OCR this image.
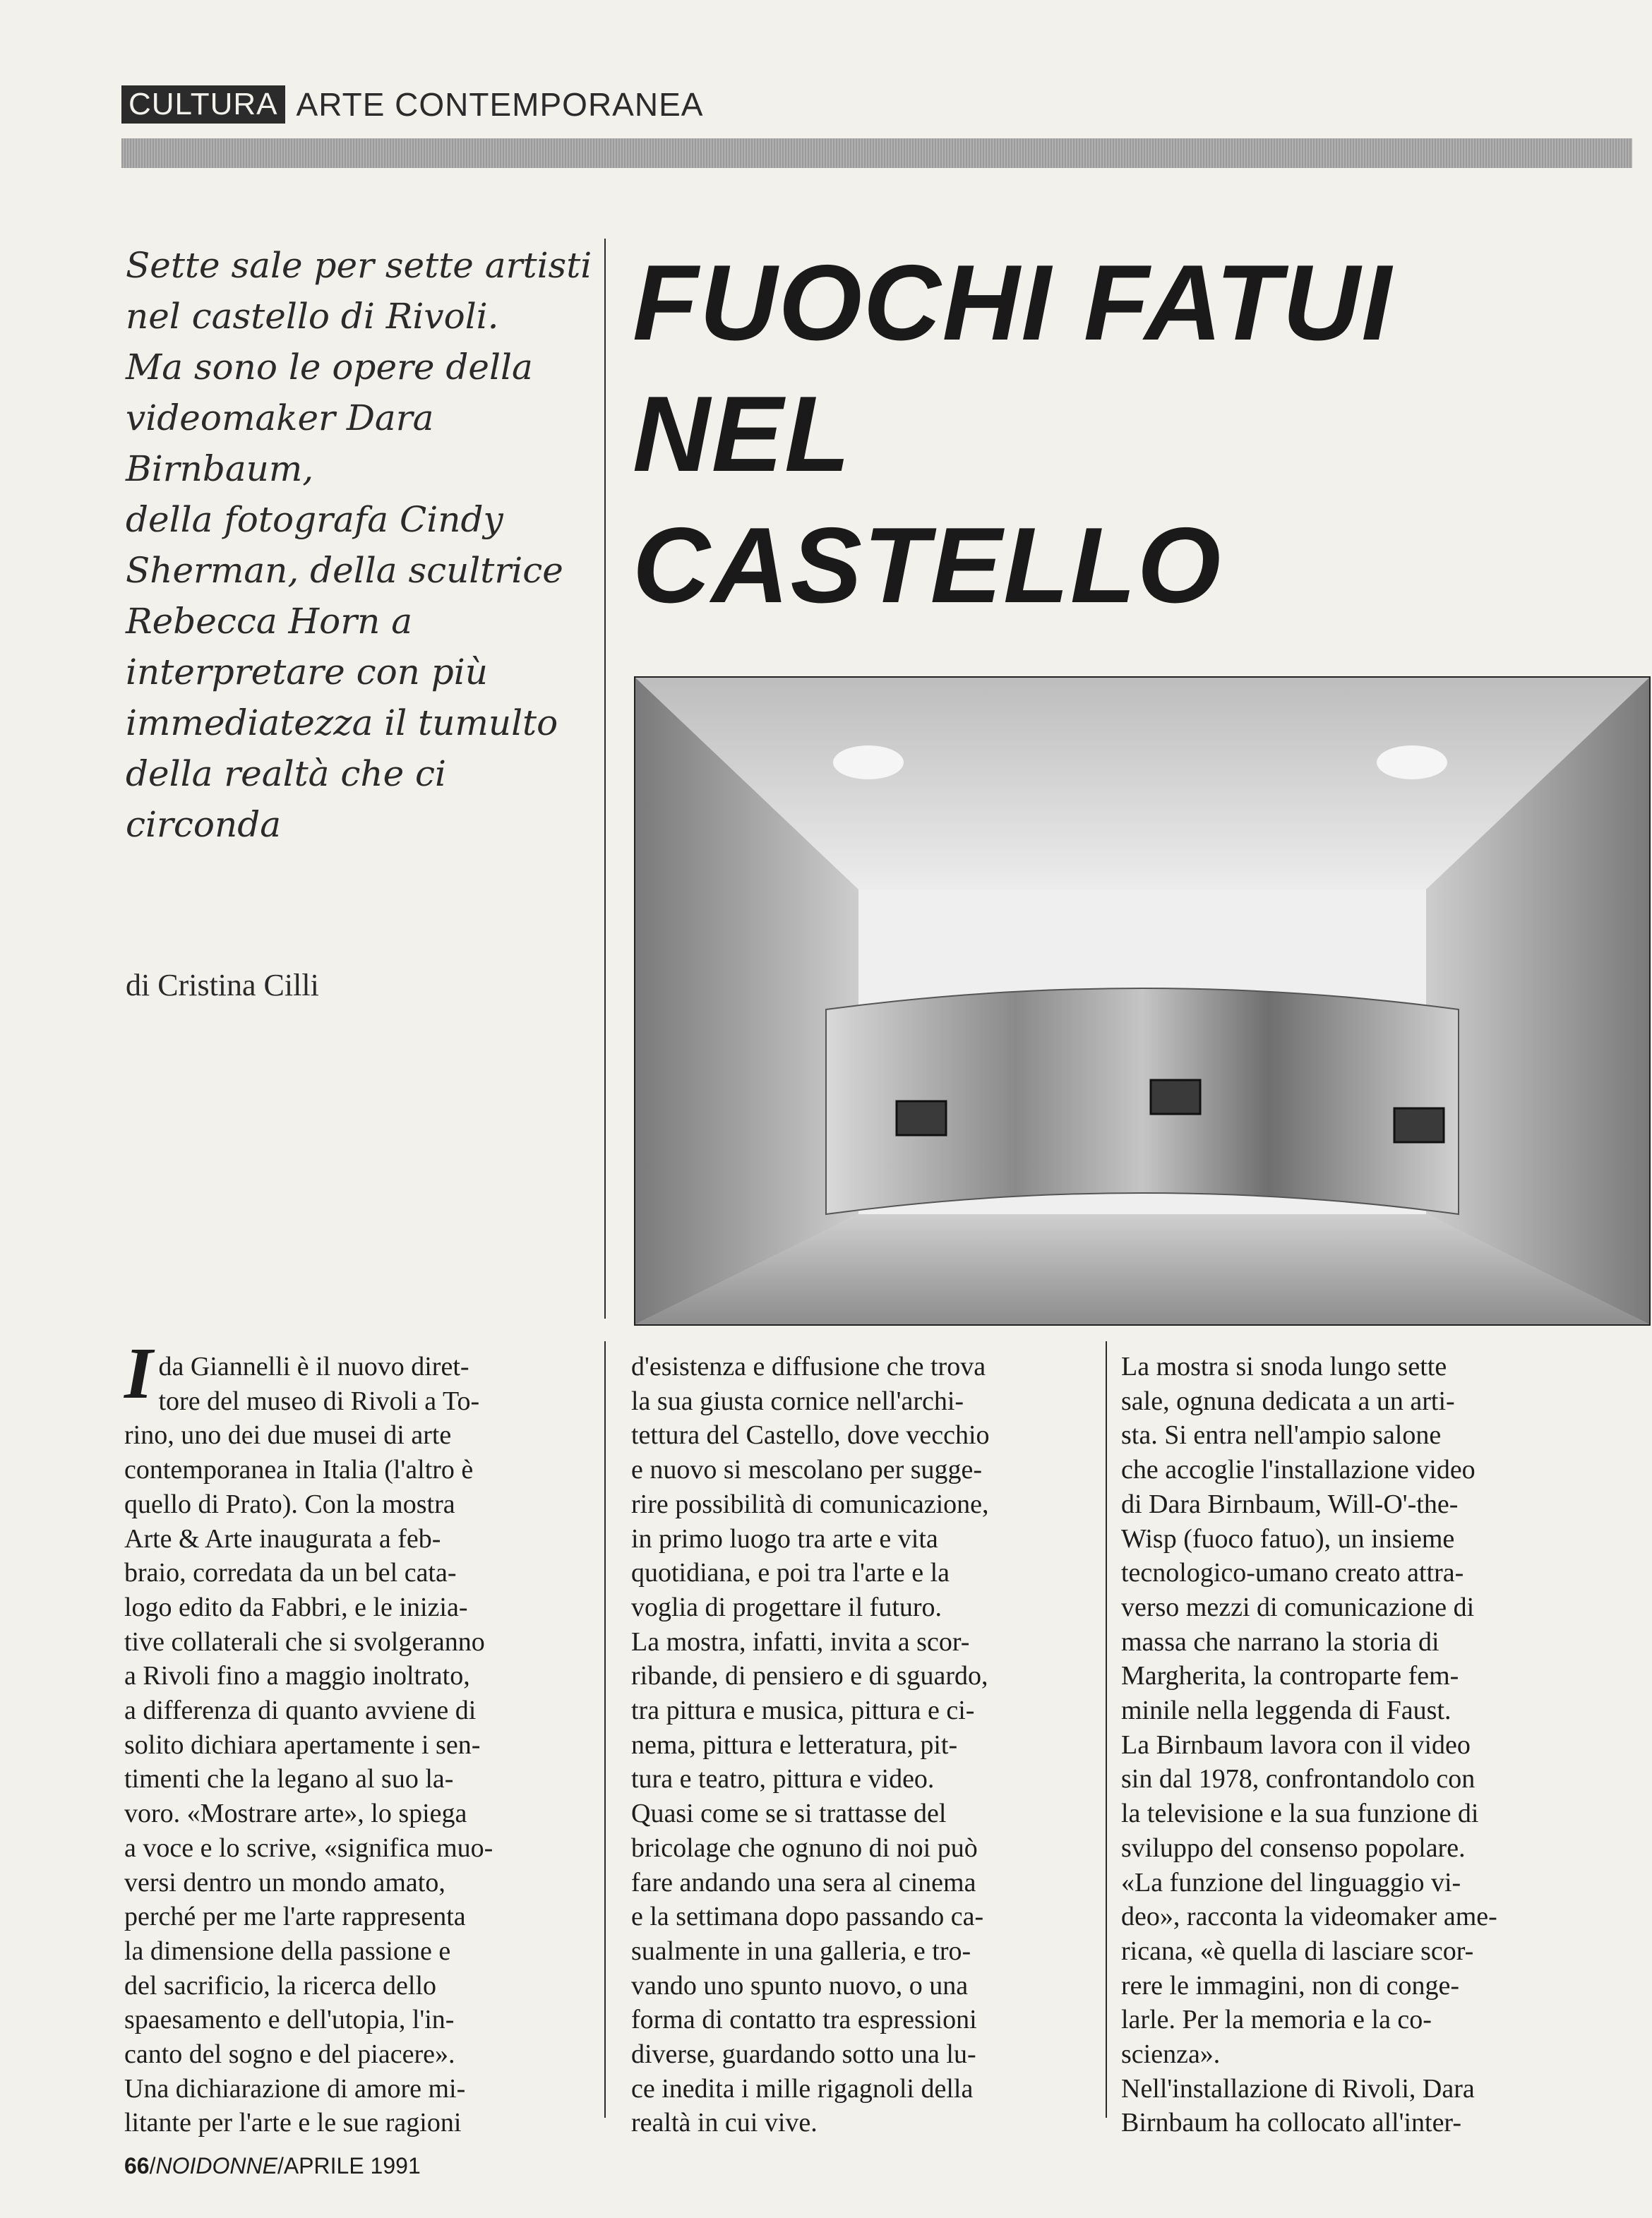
CULTURA ARTE CONTEMPORANEA
Sette sale per sette artisti
nel castello di Rivoli.
Ma sono le opere della
videomaker Dara
Birnbaum,
della fotografa Cindy
Sherman, della scultrice
Rebecca Horn a
interpretare con più
immediatezza il tumulto
della realtà che ci
circonda
di Cristina Cilli
FUOCHI FATUI
NEL
CASTELLO
Ida Giannelli è il nuovo diret-
tore del museo di Rivoli a To-
rino, uno dei due musei di arte
contemporanea in Italia (l'altro è
quello di Prato). Con la mostra
Arte & Arte inaugurata a feb-
braio, corredata da un bel cata-
logo edito da Fabbri, e le inizia-
tive collaterali che si svolgeranno
a Rivoli fino a maggio inoltrato,
a differenza di quanto avviene di
solito dichiara apertamente i sen-
timenti che la legano al suo la-
voro. «Mostrare arte», lo spiega
a voce e lo scrive, «significa muo-
versi dentro un mondo amato,
perché per me l'arte rappresenta
la dimensione della passione e
del sacrificio, la ricerca dello
spaesamento e dell'utopia, l'in-
canto del sogno e del piacere».
Una dichiarazione di amore mi-
litante per l'arte e le sue ragioni
d'esistenza e diffusione che trova
la sua giusta cornice nell'archi-
tettura del Castello, dove vecchio
e nuovo si mescolano per sugge-
rire possibilità di comunicazione,
in primo luogo tra arte e vita
quotidiana, e poi tra l'arte e la
voglia di progettare il futuro.
La mostra, infatti, invita a scor-
ribande, di pensiero e di sguardo,
tra pittura e musica, pittura e ci-
nema, pittura e letteratura, pit-
tura e teatro, pittura e video.
Quasi come se si trattasse del
bricolage che ognuno di noi può
fare andando una sera al cinema
e la settimana dopo passando ca-
sualmente in una galleria, e tro-
vando uno spunto nuovo, o una
forma di contatto tra espressioni
diverse, guardando sotto una lu-
ce inedita i mille rigagnoli della
realtà in cui vive.
La mostra si snoda lungo sette
sale, ognuna dedicata a un arti-
sta. Si entra nell'ampio salone
che accoglie l'installazione video
di Dara Birnbaum, Will-O'-the-
Wisp (fuoco fatuo), un insieme
tecnologico-umano creato attra-
verso mezzi di comunicazione di
massa che narrano la storia di
Margherita, la controparte fem-
minile nella leggenda di Faust.
La Birnbaum lavora con il video
sin dal 1978, confrontandolo con
la televisione e la sua funzione di
sviluppo del consenso popolare.
«La funzione del linguaggio vi-
deo», racconta la videomaker ame-
ricana, «è quella di lasciare scor-
rere le immagini, non di conge-
larle. Per la memoria e la co-
scienza».
Nell'installazione di Rivoli, Dara
Birnbaum ha collocato all'inter-
66/NOIDONNE/APRILE 1991
